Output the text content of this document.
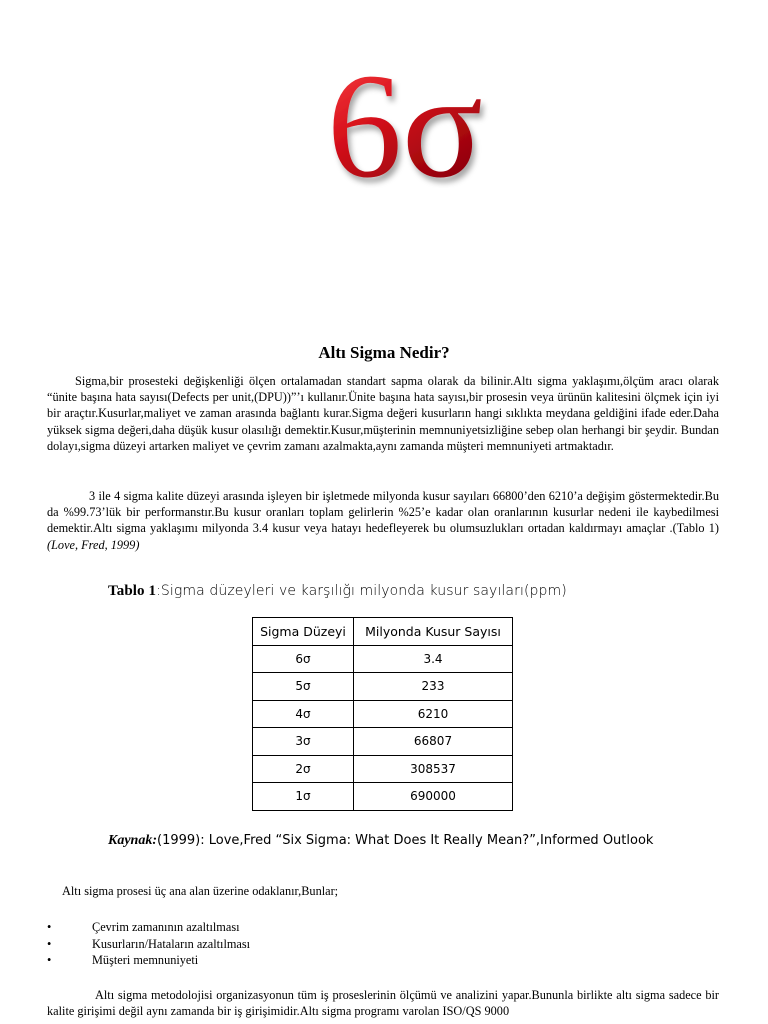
6σ
Altı Sigma Nedir?
Sigma,bir prosesteki değişkenliği ölçen ortalamadan standart sapma olarak da bilinir.Altı sigma yaklaşımı,ölçüm aracı olarak “ünite başına hata sayısı(Defects per unit,(DPU))”’ı kullanır.Ünite başına hata sayısı,bir prosesin veya ürünün kalitesini ölçmek için iyi bir araçtır.Kusurlar,maliyet ve zaman arasında bağlantı kurar.Sigma değeri kusurların hangi sıklıkta meydana geldiğini ifade eder.Daha yüksek sigma değeri,daha düşük kusur olasılığı demektir.Kusur,müşterinin memnuniyetsizliğine sebep olan herhangi bir şeydir. Bundan dolayı,sigma düzeyi artarken maliyet ve çevrim zamanı azalmakta,aynı zamanda müşteri memnuniyeti artmaktadır.
3 ile 4 sigma kalite düzeyi arasında işleyen bir işletmede milyonda kusur sayıları 66800’den 6210’a değişim göstermektedir.Bu da %99.73’lük bir performanstır.Bu kusur oranları toplam gelirlerin %25’e kadar olan oranlarının kusurlar nedeni ile kaybedilmesi demektir.Altı sigma yaklaşımı milyonda 3.4 kusur veya hatayı hedefleyerek bu olumsuzlukları ortadan kaldırmayı amaçlar .(Tablo 1) (Love, Fred, 1999)
Tablo 1:Sigma düzeyleri ve karşılığı milyonda kusur sayıları(ppm)
Sigma Düzeyi	Milyonda Kusur Sayısı
6σ	3.4
5σ	233
4σ	6210
3σ	66807
2σ	308537
1σ	690000
Kaynak:(1999): Love,Fred “Six Sigma: What Does It Really Mean?”,Informed Outlook
Altı sigma prosesi üç ana alan üzerine odaklanır,Bunlar;
•	Çevrim zamanının azaltılması
•	Kusurların/Hataların azaltılması
•	Müşteri memnuniyeti
Altı sigma metodolojisi organizasyonun tüm iş proseslerinin ölçümü ve analizini yapar.Bununla birlikte altı sigma sadece bir kalite girişimi değil aynı zamanda bir iş girişimidir.Altı sigma programı varolan ISO/QS 9000
